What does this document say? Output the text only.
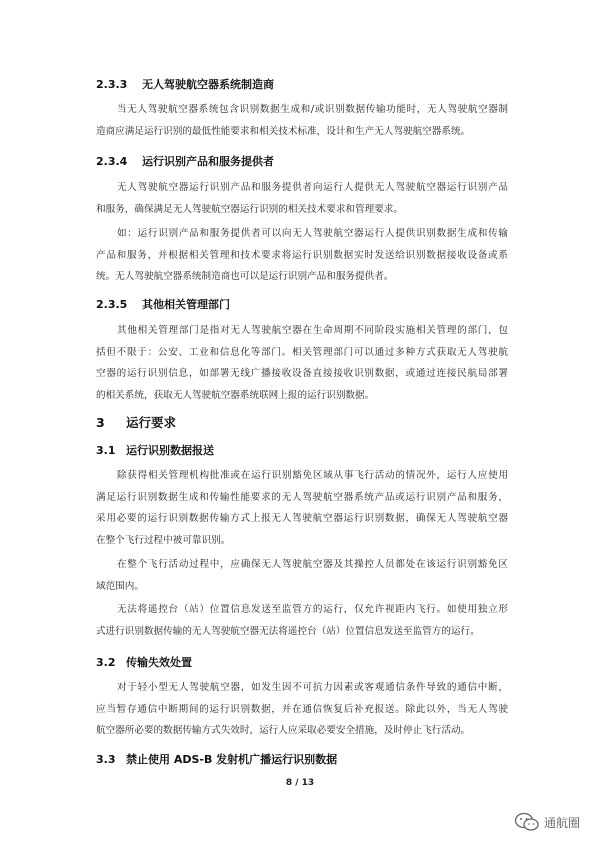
2.3.3 无人驾驶航空器系统制造商
当无人驾驶航空器系统包含识别数据生成和/或识别数据传输功能时，无人驾驶航空器制
造商应满足运行识别的最低性能要求和相关技术标准，设计和生产无人驾驶航空器系统。
2.3.4 运行识别产品和服务提供者
无人驾驶航空器运行识别产品和服务提供者向运行人提供无人驾驶航空器运行识别产品
和服务，确保满足无人驾驶航空器运行识别的相关技术要求和管理要求。
如：运行识别产品和服务提供者可以向无人驾驶航空器运行人提供识别数据生成和传输
产品和服务，并根据相关管理和技术要求将运行识别数据实时发送给识别数据接收设备或系
统。无人驾驶航空器系统制造商也可以是运行识别产品和服务提供者。
2.3.5 其他相关管理部门
其他相关管理部门是指对无人驾驶航空器在生命周期不同阶段实施相关管理的部门，包
括但不限于：公安、工业和信息化等部门。相关管理部门可以通过多种方式获取无人驾驶航
空器的运行识别信息，如部署无线广播接收设备直接接收识别数据，或通过连接民航局部署
的相关系统，获取无人驾驶航空器系统联网上报的运行识别数据。
3 运行要求
3.1 运行识别数据报送
除获得相关管理机构批准或在运行识别豁免区域从事飞行活动的情况外，运行人应使用
满足运行识别数据生成和传输性能要求的无人驾驶航空器系统产品或运行识别产品和服务，
采用必要的运行识别数据传输方式上报无人驾驶航空器运行识别数据，确保无人驾驶航空器
在整个飞行过程中被可靠识别。
在整个飞行活动过程中，应确保无人驾驶航空器及其操控人员都处在该运行识别豁免区
域范围内。
无法将遥控台（站）位置信息发送至监管方的运行，仅允许视距内飞行。如使用独立形
式进行识别数据传输的无人驾驶航空器无法将遥控台（站）位置信息发送至监管方的运行。
3.2 传输失效处置
对于轻小型无人驾驶航空器，如发生因不可抗力因素或客观通信条件导致的通信中断，
应当暂存通信中断期间的运行识别数据，并在通信恢复后补充报送。除此以外，当无人驾驶
航空器所必要的数据传输方式失效时，运行人应采取必要安全措施，及时停止飞行活动。
3.3 禁止使用 ADS-B 发射机广播运行识别数据
8 / 13
通航圈
